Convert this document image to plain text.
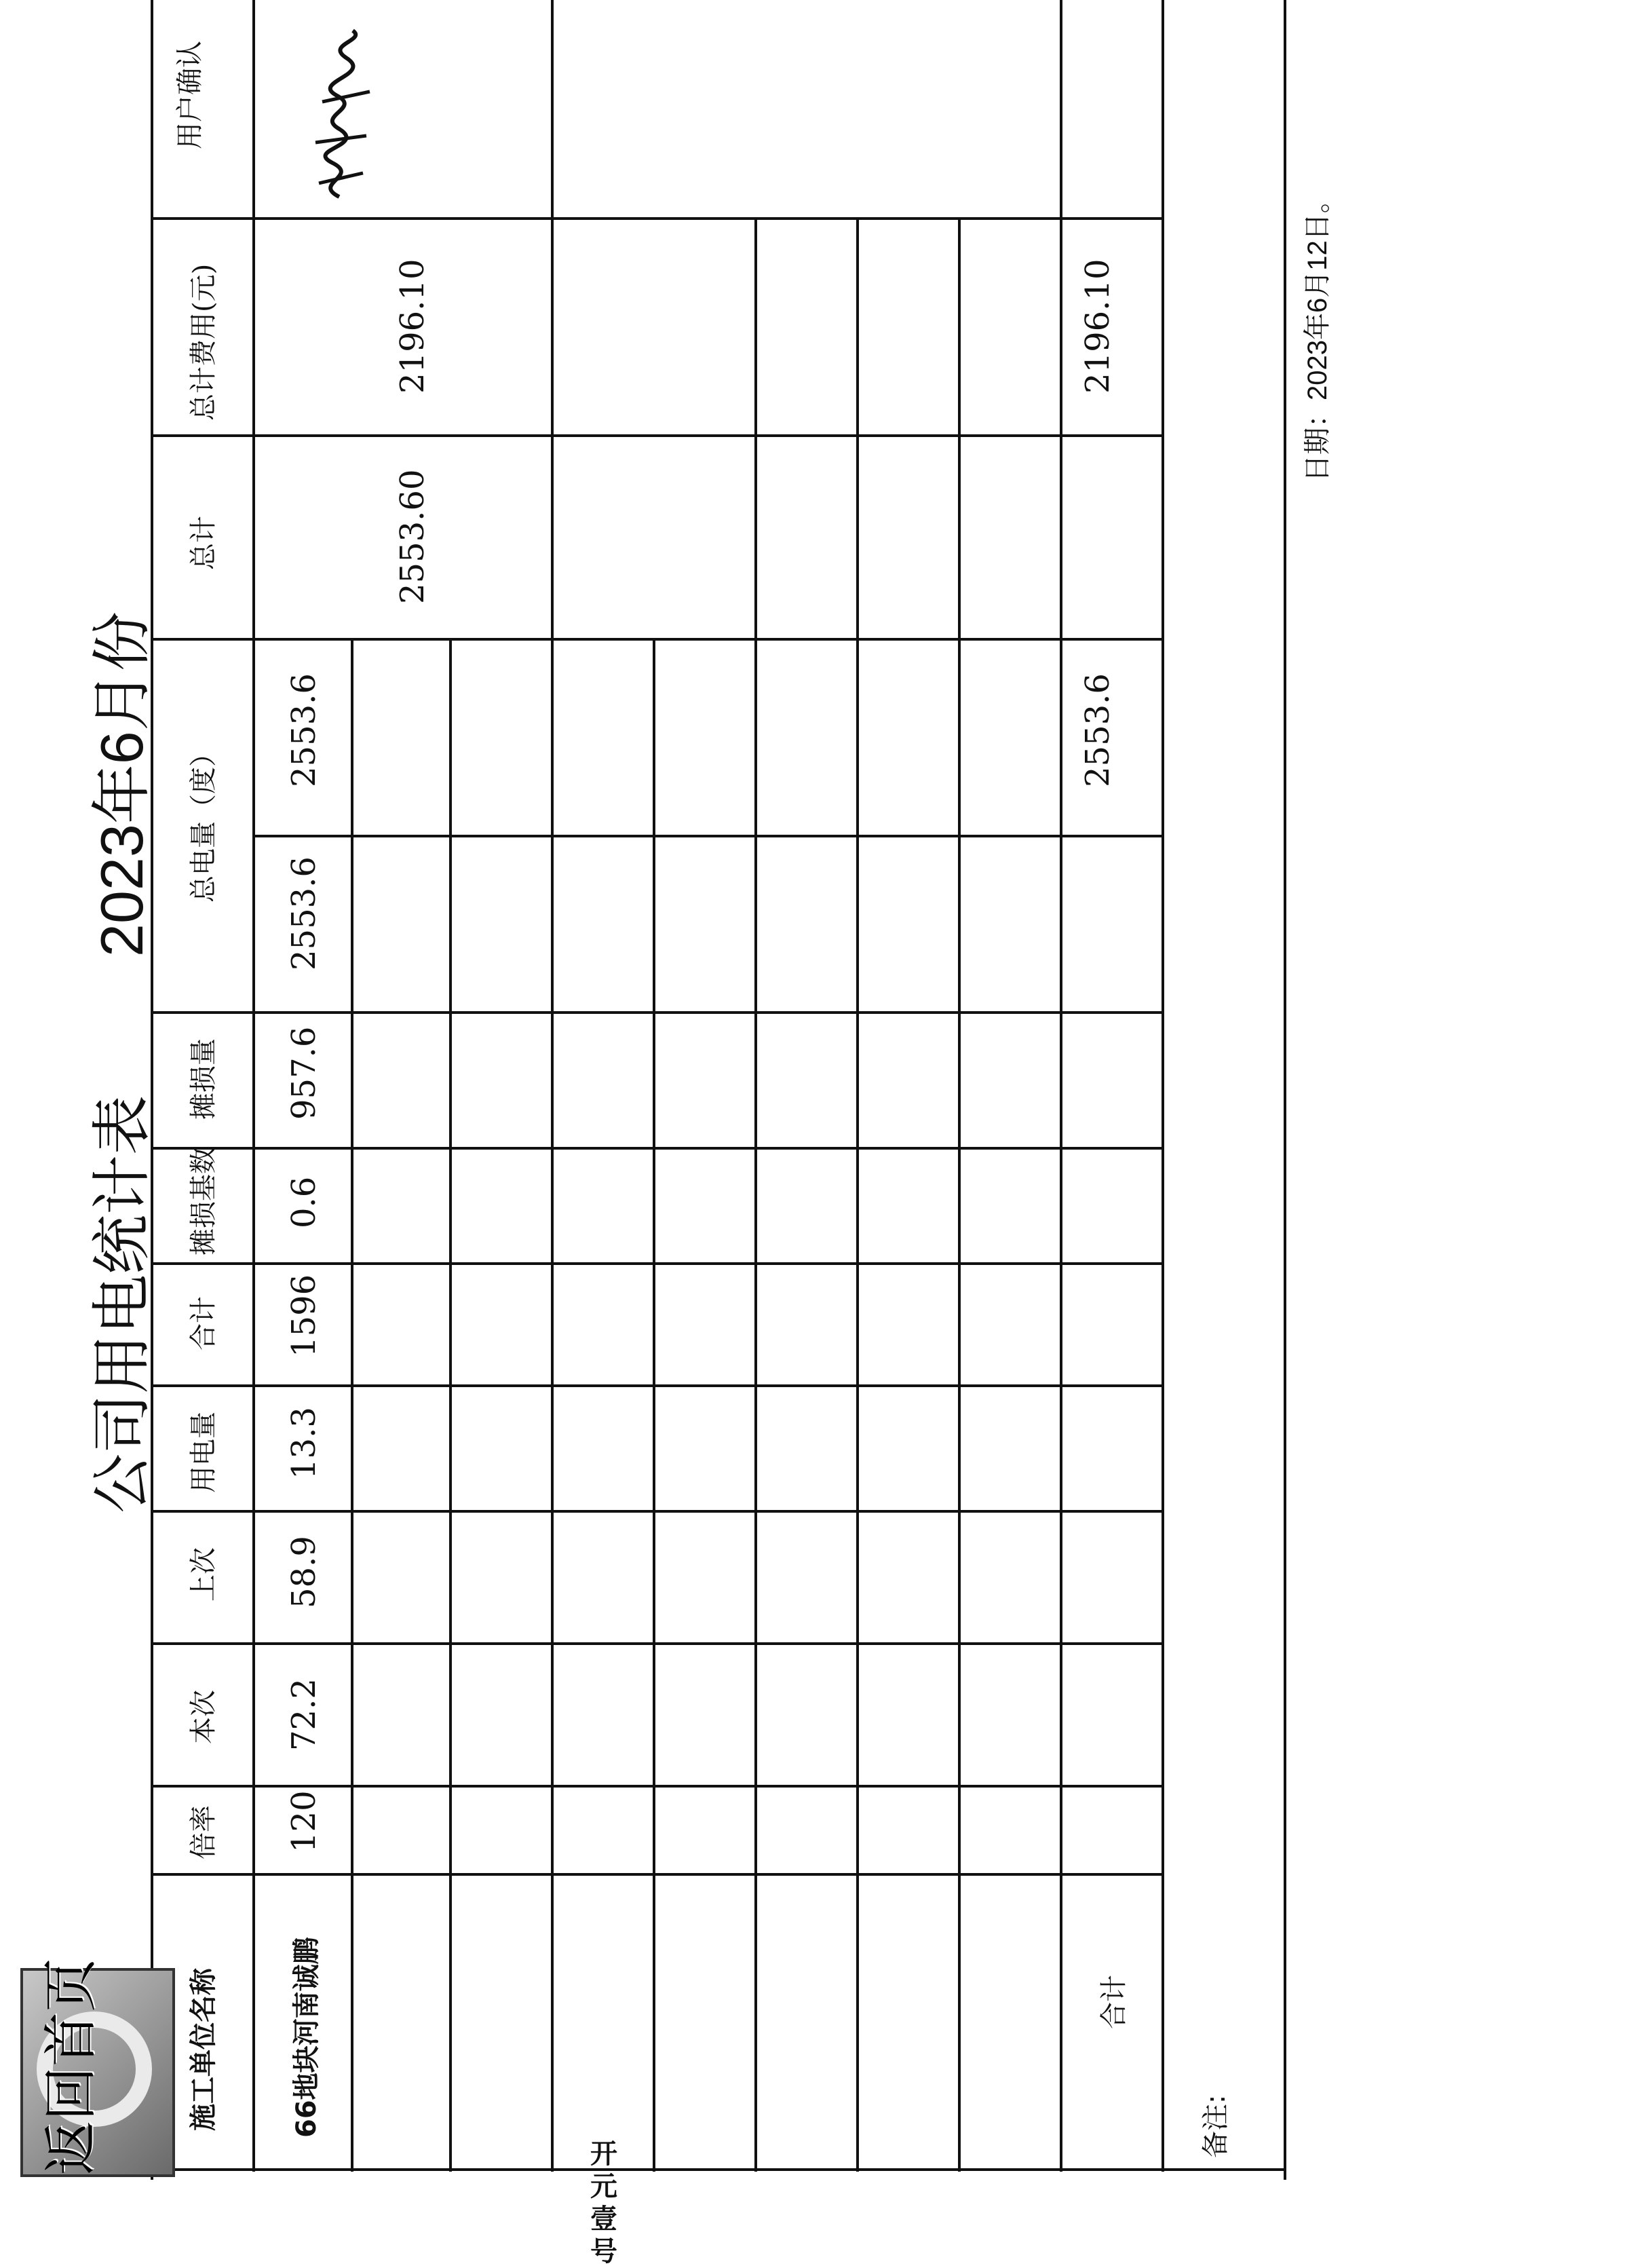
用户确认
总计费用(元)
总计
总电量（度）
摊损量
摊损基数
合计
用电量
上次
本次
倍率
施工单位名称
2196.10
2553.60
2553.6
2553.6
957.6
0.6
1596
13.3
58.9
72.2
120
66地块河南诚鹏
2196.10
2553.6
合计
公司用电统计表
2023年6月份
备注:
日期：2023年6月12日。
返回首页	开元壹号
